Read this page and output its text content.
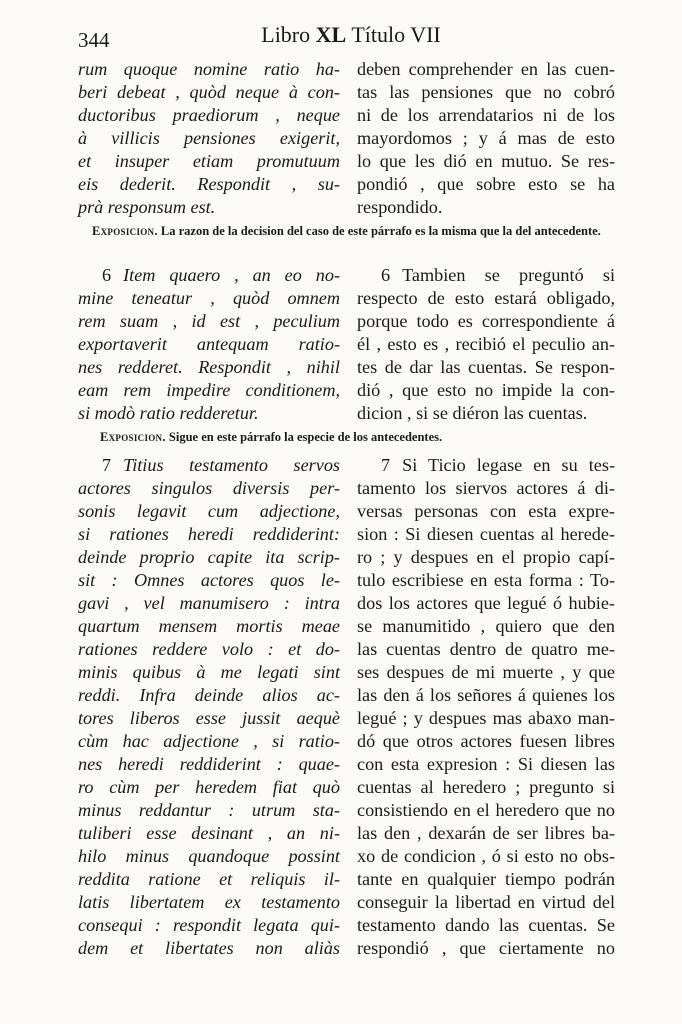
344	Libro XL Título VII
rum quoque nomine ratio ha-
beri debeat , quòd neque à con-
ductoribus praediorum , neque
à villicis pensiones exigerit,
et insuper etiam promutuum
eis dederit. Respondit , su-
prà responsum est.
deben comprehender en las cuen-
tas las pensiones que no cobró
ni de los arrendatarios ni de los
mayordomos ; y á mas de esto
lo que les dió en mutuo. Se res-
pondió , que sobre esto se ha
respondido.
Exposicion. La razon de la decision del caso de este párrafo es la misma que la del antecedente.
6 Item quaero , an eo no-
mine teneatur , quòd omnem
rem suam , id est , peculium
exportaverit antequam ratio-
nes redderet. Respondit , nihil
eam rem impedire conditionem,
si modò ratio redderetur.
6 Tambien se preguntó si
respecto de esto estará obligado,
porque todo es correspondiente á
él , esto es , recibió el peculio an-
tes de dar las cuentas. Se respon-
dió , que esto no impide la con-
dicion , si se diéron las cuentas.
Exposicion. Sigue en este párrafo la especie de los antecedentes.
7 Titius testamento servos
actores singulos diversis per-
sonis legavit cum adjectione,
si rationes heredi reddiderint:
deinde proprio capite ita scrip-
sit : Omnes actores quos le-
gavi , vel manumisero : intra
quartum mensem mortis meae
rationes reddere volo : et do-
minis quibus à me legati sint
reddi. Infra deinde alios ac-
tores liberos esse jussit aequè
cùm hac adjectione , si ratio-
nes heredi reddiderint : quae-
ro cùm per heredem fiat quò
minus reddantur : utrum sta-
tuliberi esse desinant , an ni-
hilo minus quandoque possint
reddita ratione et reliquis il-
latis libertatem ex testamento
consequi : respondit legata qui-
dem et libertates non aliàs
7 Si Ticio legase en su tes-
tamento los siervos actores á di-
versas personas con esta expre-
sion : Si diesen cuentas al herede-
ro ; y despues en el propio capí-
tulo escribiese en esta forma : To-
dos los actores que legué ó hubie-
se manumitido , quiero que den
las cuentas dentro de quatro me-
ses despues de mi muerte , y que
las den á los señores á quienes los
legué ; y despues mas abaxo man-
dó que otros actores fuesen libres
con esta expresion : Si diesen las
cuentas al heredero ; pregunto si
consistiendo en el heredero que no
las den , dexarán de ser libres ba-
xo de condicion , ó si esto no obs-
tante en qualquier tiempo podrán
conseguir la libertad en virtud del
testamento dando las cuentas. Se
respondió , que ciertamente no
